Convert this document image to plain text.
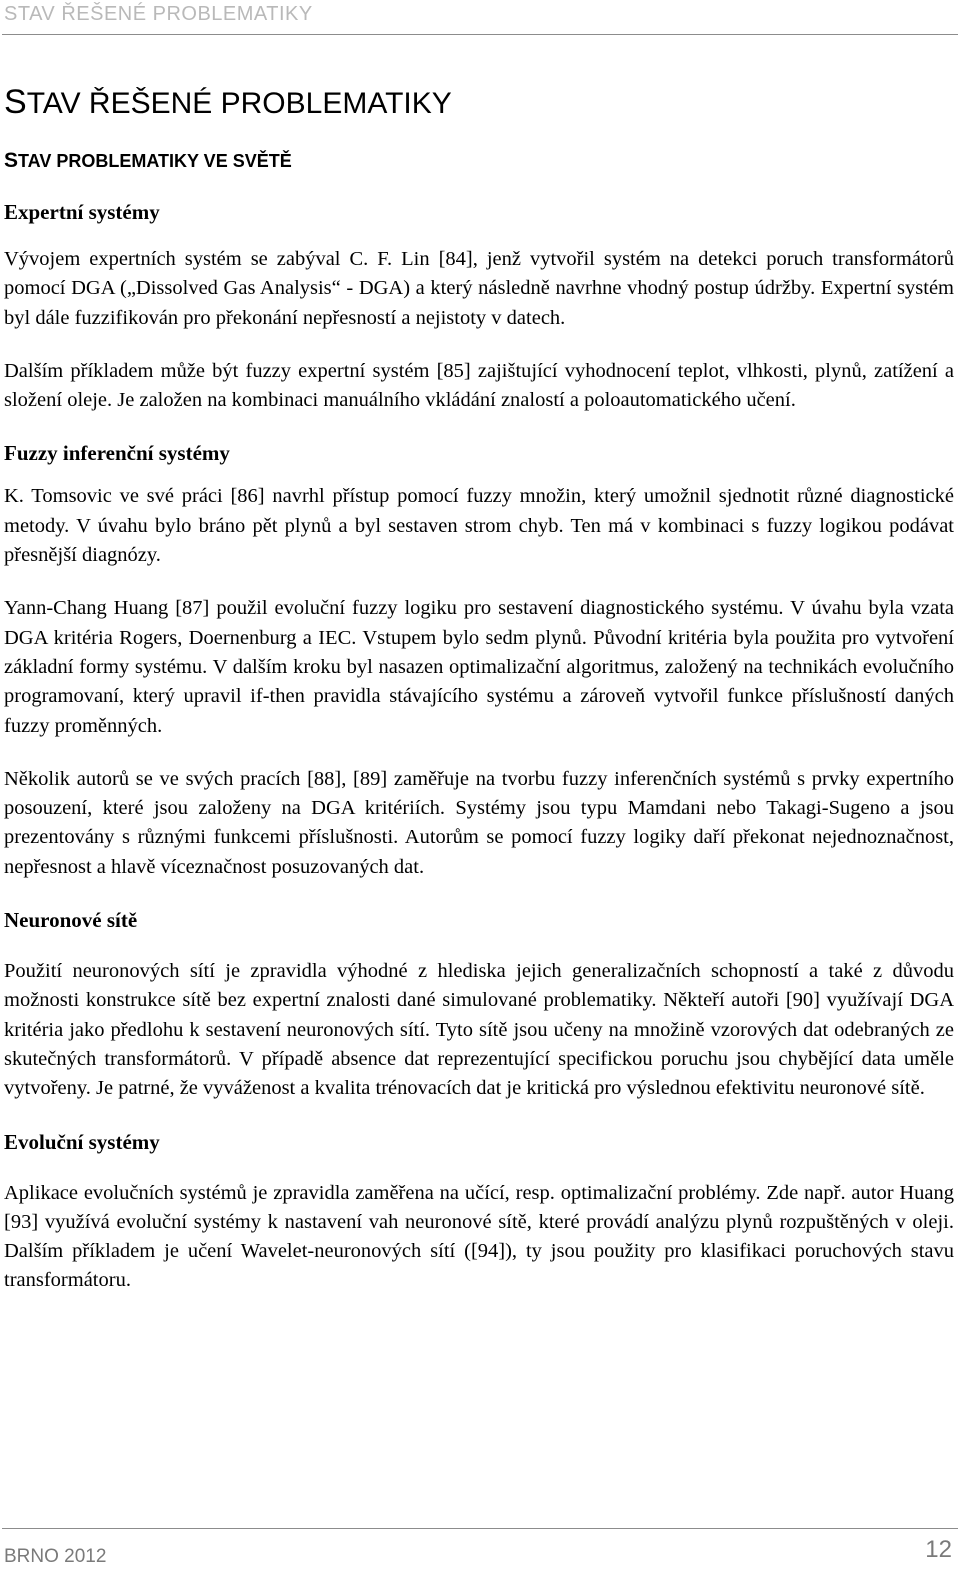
STAV ŘEŠENÉ PROBLEMATIKY
STAV ŘEŠENÉ PROBLEMATIKY
STAV PROBLEMATIKY VE SVĚTĚ
Expertní systémy

Vývojem expertních systém se zabýval C. F. Lin [84], jenž vytvořil systém na detekci poruch transformátorů pomocí DGA („Dissolved Gas Analysis“ - DGA) a který následně navrhne vhodný postup údržby. Expertní systém byl dále fuzzifikován pro překonání nepřesností a nejistoty v datech.

Dalším příkladem může být fuzzy expertní systém [85] zajištující vyhodnocení teplot, vlhkosti, plynů, zatížení a složení oleje. Je založen na kombinaci manuálního vkládání znalostí a poloautomatického učení.

Fuzzy inferenční systémy

K. Tomsovic ve své práci [86] navrhl přístup pomocí fuzzy množin, který umožnil sjednotit různé diagnostické metody. V úvahu bylo bráno pět plynů a byl sestaven strom chyb. Ten má v kombinaci s fuzzy logikou podávat přesnější diagnózy.

Yann-Chang Huang [87] použil evoluční fuzzy logiku pro sestavení diagnostického systému. V úvahu byla vzata DGA kritéria Rogers, Doernenburg a IEC. Vstupem bylo sedm plynů. Původní kritéria byla použita pro vytvoření základní formy systému. V dalším kroku byl nasazen optimalizační algoritmus, založený na technikách evolučního programovaní, který upravil if-then pravidla stávajícího systému a zároveň vytvořil funkce příslušností daných fuzzy proměnných.

Několik autorů se ve svých pracích [88], [89] zaměřuje na tvorbu fuzzy inferenčních systémů s prvky expertního posouzení, které jsou založeny na DGA kritériích. Systémy jsou typu Mamdani nebo Takagi-Sugeno a jsou prezentovány s různými funkcemi příslušnosti. Autorům se pomocí fuzzy logiky daří překonat nejednoznačnost, nepřesnost a hlavě víceznačnost posuzovaných dat.

Neuronové sítě

Použití neuronových sítí je zpravidla výhodné z hlediska jejich generalizačních schopností a také z důvodu možnosti konstrukce sítě bez expertní znalosti dané simulované problematiky. Někteří autoři [90] využívají DGA kritéria jako předlohu k sestavení neuronových sítí. Tyto sítě jsou učeny na množině vzorových dat odebraných ze skutečných transformátorů. V případě absence dat reprezentující specifickou poruchu jsou chybějící data uměle vytvořeny. Je patrné, že vyváženost a kvalita trénovacích dat je kritická pro výslednou efektivitu neuronové sítě.

Evoluční systémy

Aplikace evolučních systémů je zpravidla zaměřena na učící, resp. optimalizační problémy. Zde např. autor Huang [93] využívá evoluční systémy k nastavení vah neuronové sítě, které provádí analýzu plynů rozpuštěných v oleji. Dalším příkladem je učení Wavelet-neuronových sítí ([94]), ty jsou použity pro klasifikaci poruchových stavu transformátoru.

BRNO 2012	12
